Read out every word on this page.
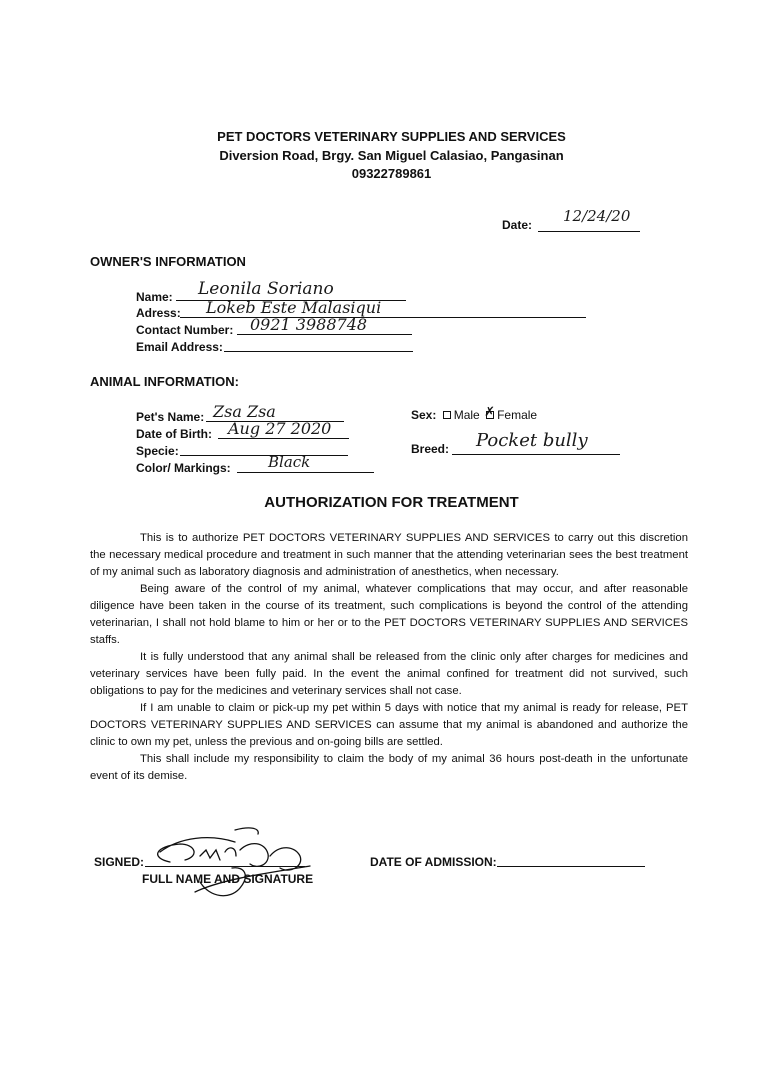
PET DOCTORS VETERINARY SUPPLIES AND SERVICES
Diversion Road, Brgy. San Miguel Calasiao, Pangasinan
09322789861
Date: 12/24/20
OWNER'S INFORMATION
Name: Leonila Soriano
Adress: Lokeb Este Malasiqui
Contact Number: 0921 3988748
Email Address:
ANIMAL INFORMATION:
Pet's Name: Zsa Zsa
Date of Birth: Aug 27 2020
Specie:
Color/ Markings: Black
Sex: Male ✗ Female
Breed: Pocket bully
AUTHORIZATION FOR TREATMENT

This is to authorize PET DOCTORS VETERINARY SUPPLIES AND SERVICES to carry out this discretion the necessary medical procedure and treatment in such manner that the attending veterinarian sees the best treatment of my animal such as laboratory diagnosis and administration of anesthetics, when necessary.

Being aware of the control of my animal, whatever complications that may occur, and after reasonable diligence have been taken in the course of its treatment, such complications is beyond the control of the attending veterinarian, I shall not hold blame to him or her or to the PET DOCTORS VETERINARY SUPPLIES AND SERVICES staffs.

It is fully understood that any animal shall be released from the clinic only after charges for medicines and veterinary services have been fully paid. In the event the animal confined for treatment did not survived, such obligations to pay for the medicines and veterinary services shall not case.

If I am unable to claim or pick-up my pet within 5 days with notice that my animal is ready for release, PET DOCTORS VETERINARY SUPPLIES AND SERVICES can assume that my animal is abandoned and authorize the clinic to own my pet, unless the previous and on-going bills are settled.

This shall include my responsibility to claim the body of my animal 36 hours post-death in the unfortunate event of its demise.

SIGNED:
FULL NAME AND SIGNATURE
DATE OF ADMISSION:
